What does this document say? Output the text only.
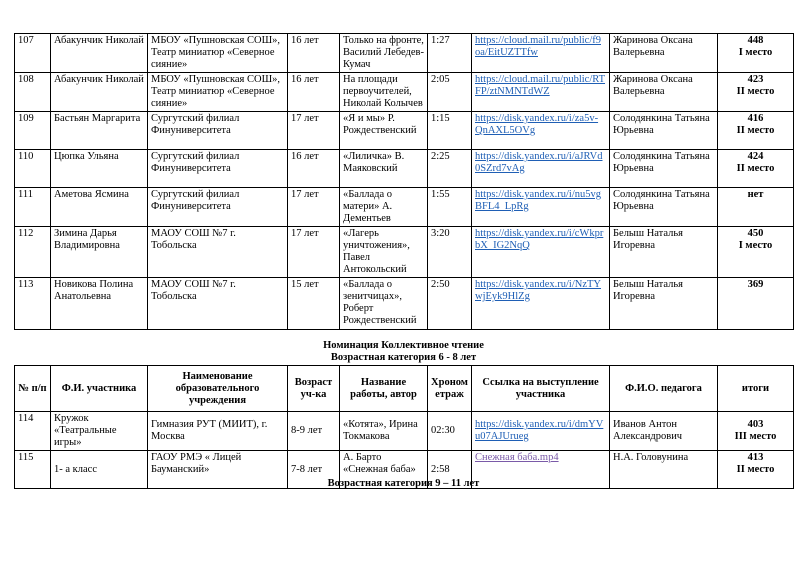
107	Абакунчик Николай	МБОУ «Пушновская СОШ», Театр миниатюр «Северное сияние»	16 лет	Только на фронте, Василий Лебедев-Кумач	1:27	https://cloud.mail.ru/public/f9oa/EitUZTTfw	Жаринова Оксана Валерьевна	448
I место

108	Абакунчик Николай	МБОУ «Пушновская СОШ», Театр миниатюр «Северное сияние»	16 лет	На площади первоучителей, Николай Колычев	2:05	https://cloud.mail.ru/public/RTFP/ztNMNTdWZ	Жаринова Оксана Валерьевна	423
II место

109	Бастьян Маргарита	Сургутский филиал Финуниверситета	17 лет	«Я и мы» Р. Рождественский	1:15	https://disk.yandex.ru/i/za5v-QnAXL5OVg	Солодянкина Татьяна Юрьевна	416
II место

110	Цюпка Ульяна	Сургутский филиал Финуниверситета	16 лет	«Лиличка» В. Маяковский	2:25	https://disk.yandex.ru/i/aJRVd0SZrd7vAg	Солодянкина Татьяна Юрьевна	424
II место

111	Аметова Ясмина	Сургутский филиал Финуниверситета	17 лет	«Баллада о матери» А. Дементьев	1:55	https://disk.yandex.ru/i/nu5vgBFL4_LpRg	Солодянкина Татьяна Юрьевна	нет

112	Зимина Дарья Владимировна	МАОУ СОШ №7 г. Тобольска	17 лет	«Лагерь уничтожения», Павел Антокольский	3:20	https://disk.yandex.ru/i/cWkprbX_IG2NqQ	Белыш Наталья Игоревна	450
I место

113	Новикова Полина Анатольевна	МАОУ СОШ №7 г. Тобольска	15 лет	«Баллада о зенитчицах», Роберт Рождественский	2:50	https://disk.yandex.ru/i/NzTYwjEyk9HlZg	Белыш Наталья Игоревна	369
Номинация Коллективное чтение
Возрастная категория 6 - 8 лет
№ п/п	Ф.И. участника	Наименование образовательного учреждения	Возраст уч-ка	Название работы, автор	Хронометраж	Ссылка на выступление участника	Ф.И.О. педагога	итоги
114	Кружок «Театральные игры»	Гимназия РУТ (МИИТ), г. Москва	8-9 лет	«Котята», Ирина Токмакова	02:30	https://disk.yandex.ru/i/dmYVu07AJUrueg	Иванов Антон Александрович	403
III место

115	1- а класс	ГАОУ РМЭ « Лицей Бауманский»	7-8 лет	А. Барто «Снежная баба»	2:58	Снежная баба.mp4	Н.А. Головунина	413
II место
Возрастная категория 9 – 11 лет
